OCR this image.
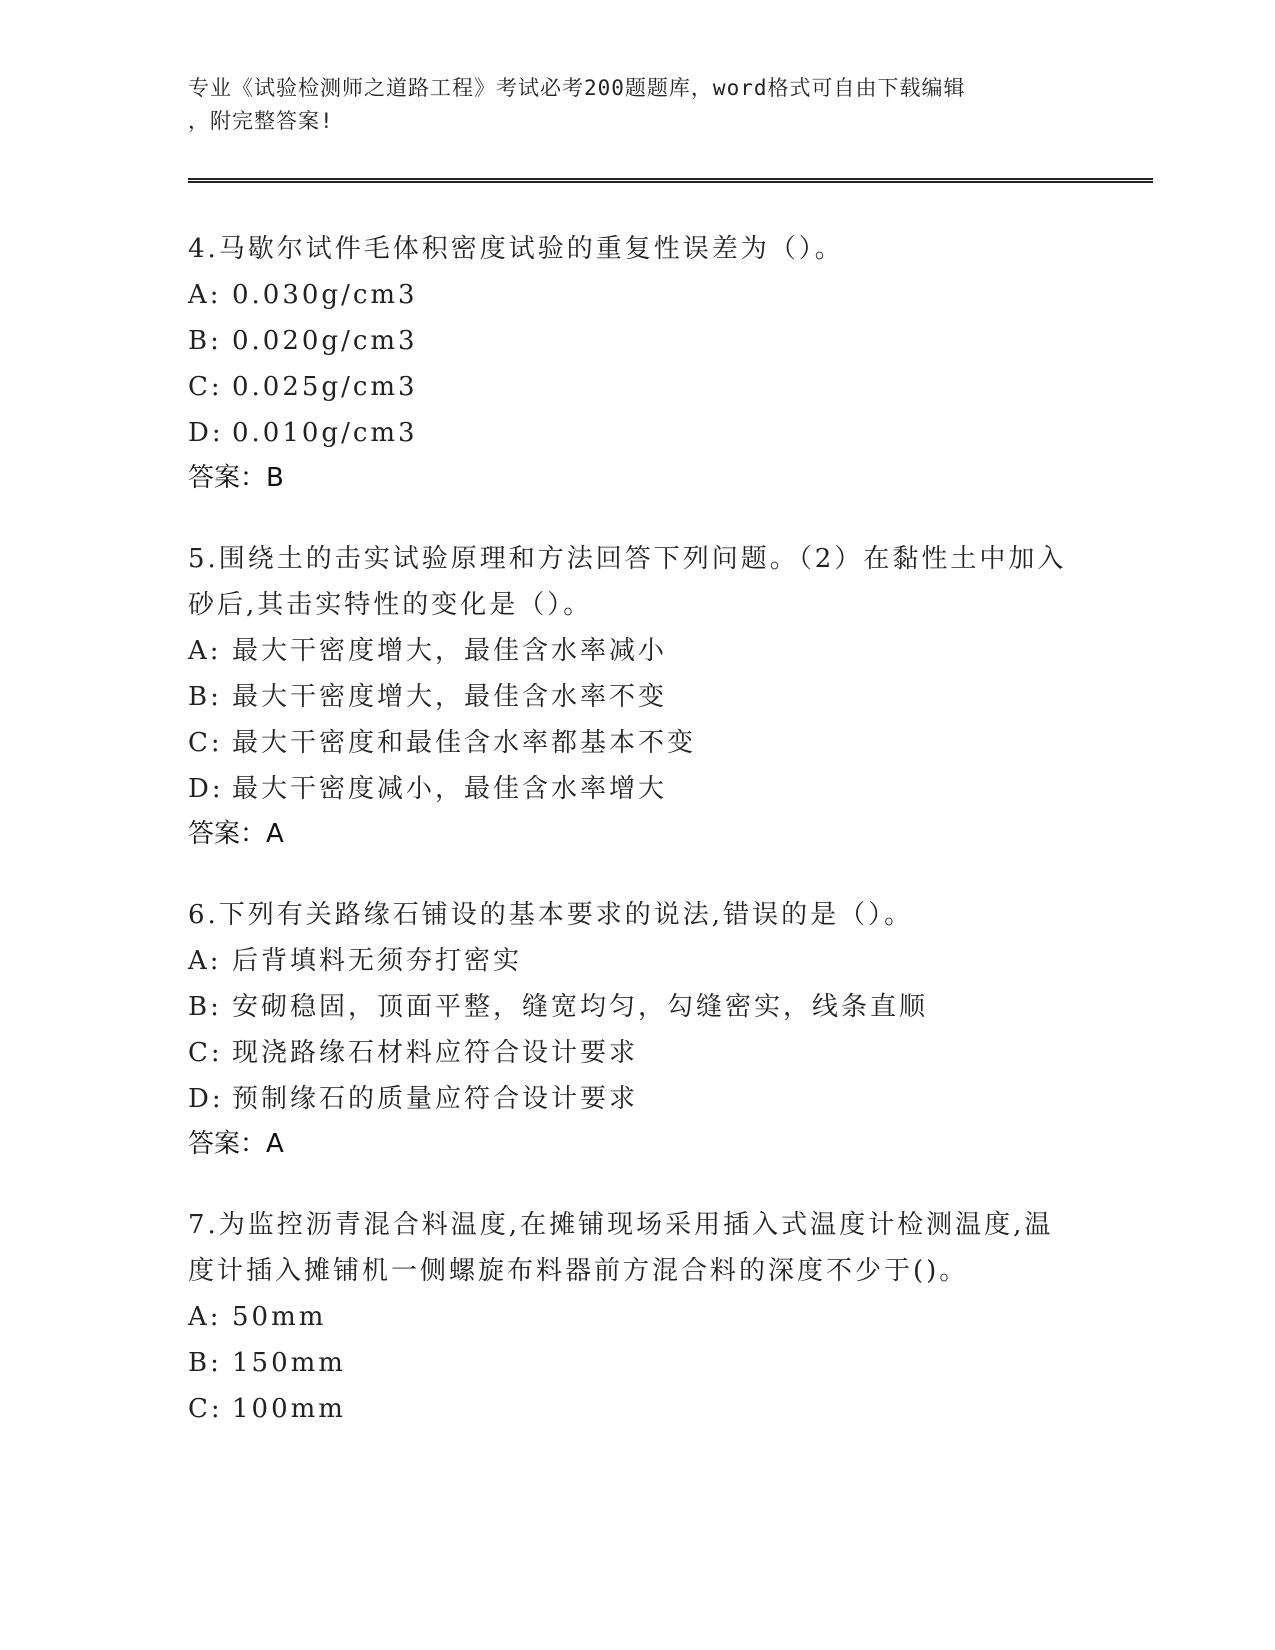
专业《试验检测师之道路工程》考试必考200题题库，word格式可自由下载编辑
，附完整答案!
4.马歇尔试件毛体积密度试验的重复性误差为（）。
A: 0.030g/cm3
B: 0.020g/cm3
C: 0.025g/cm3
D: 0.010g/cm3
答案：B
5.围绕土的击实试验原理和方法回答下列问题。（2）在黏性土中加入
砂后,其击实特性的变化是（）。
A: 最大干密度增大，最佳含水率减小
B: 最大干密度增大，最佳含水率不变
C: 最大干密度和最佳含水率都基本不变
D: 最大干密度减小，最佳含水率增大
答案：A
6.下列有关路缘石铺设的基本要求的说法,错误的是（）。
A: 后背填料无须夯打密实
B: 安砌稳固，顶面平整，缝宽均匀，勾缝密实，线条直顺
C: 现浇路缘石材料应符合设计要求
D: 预制缘石的质量应符合设计要求
答案：A
7.为监控沥青混合料温度,在摊铺现场采用插入式温度计检测温度,温
度计插入摊铺机一侧螺旋布料器前方混合料的深度不少于()。
A: 50mm
B: 150mm
C: 100mm
